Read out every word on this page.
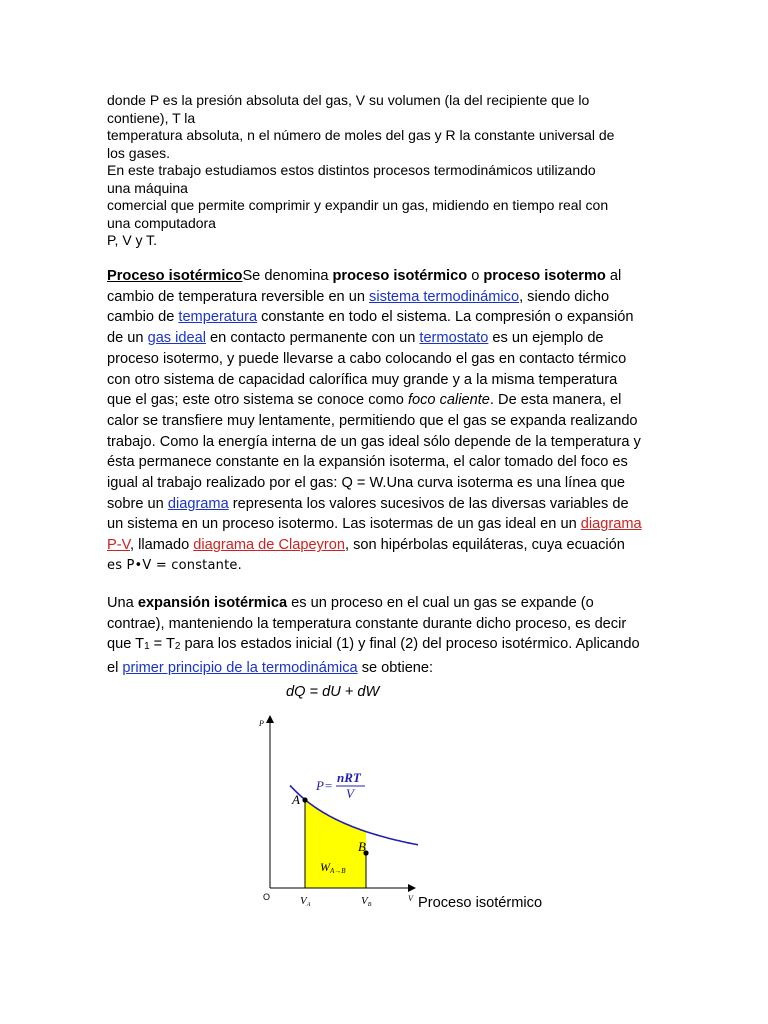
donde P es la presión absoluta del gas, V su volumen (la del recipiente que lo
contiene), T la
temperatura absoluta, n el número de moles del gas y R la constante universal de
los gases.
En este trabajo estudiamos estos distintos procesos termodinámicos utilizando
una máquina
comercial que permite comprimir y expandir un gas, midiendo en tiempo real con
una computadora
P, V y T.
Proceso isotérmicoSe denomina proceso isotérmico o proceso isotermo al
cambio de temperatura reversible en un sistema termodinámico, siendo dicho
cambio de temperatura constante en todo el sistema. La compresión o expansión
de un gas ideal en contacto permanente con un termostato es un ejemplo de
proceso isotermo, y puede llevarse a cabo colocando el gas en contacto térmico
con otro sistema de capacidad calorífica muy grande y a la misma temperatura
que el gas; este otro sistema se conoce como foco caliente. De esta manera, el
calor se transfiere muy lentamente, permitiendo que el gas se expanda realizando
trabajo. Como la energía interna de un gas ideal sólo depende de la temperatura y
ésta permanece constante en la expansión isoterma, el calor tomado del foco es
igual al trabajo realizado por el gas: Q = W.Una curva isoterma es una línea que
sobre un diagrama representa los valores sucesivos de las diversas variables de
un sistema en un proceso isotermo. Las isotermas de un gas ideal en un diagrama
P-V, llamado diagrama de Clapeyron, son hipérbolas equiláteras, cuya ecuación
es P•V = constante.
Una expansión isotérmica es un proceso en el cual un gas se expande (o
contrae), manteniendo la temperatura constante durante dicho proceso, es decir
que $T_1 = T_2$ para los estados inicial (1) y final (2) del proceso isotérmico. Aplicando
el primer principio de la termodinámica se obtiene:
dQ = dU + dW
P
V
O
A
B
P=
nRT
V
WA→B
VA	VB	Proceso isotérmico
